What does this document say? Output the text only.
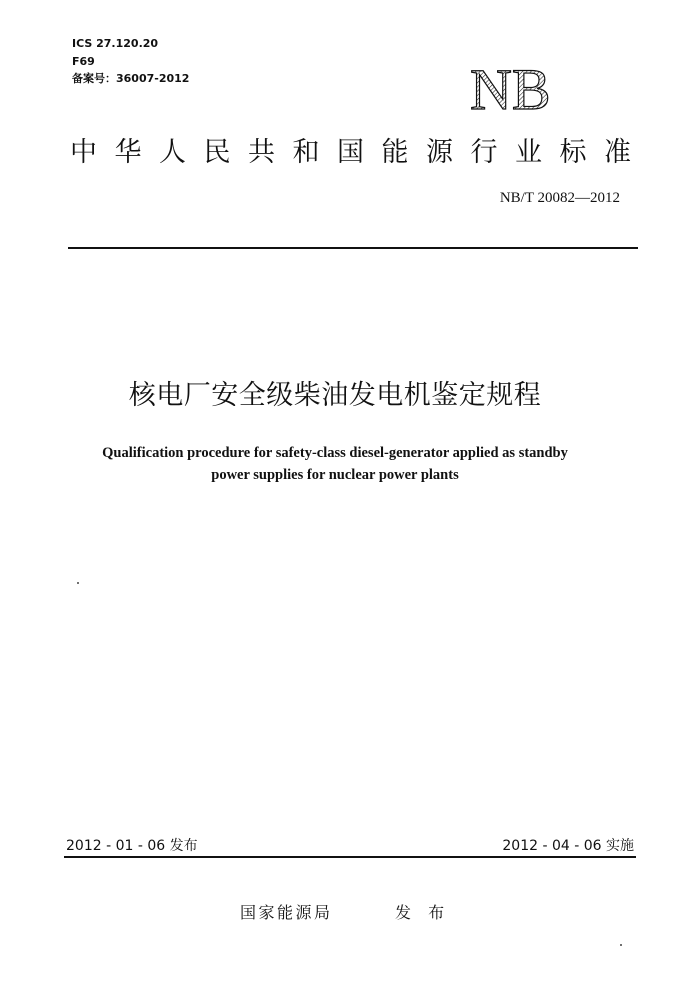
ICS 27.120.20
F69
备案号：36007-2012	NB
中华人民共和国能源行业标准
NB/T 20082—2012
核电厂安全级柴油发电机鉴定规程
Qualification procedure for safety-class diesel-generator applied as standby
power supplies for nuclear power plants
2012 - 01 - 06 发布	2012 - 04 - 06 实施
国家能源局	发 布
